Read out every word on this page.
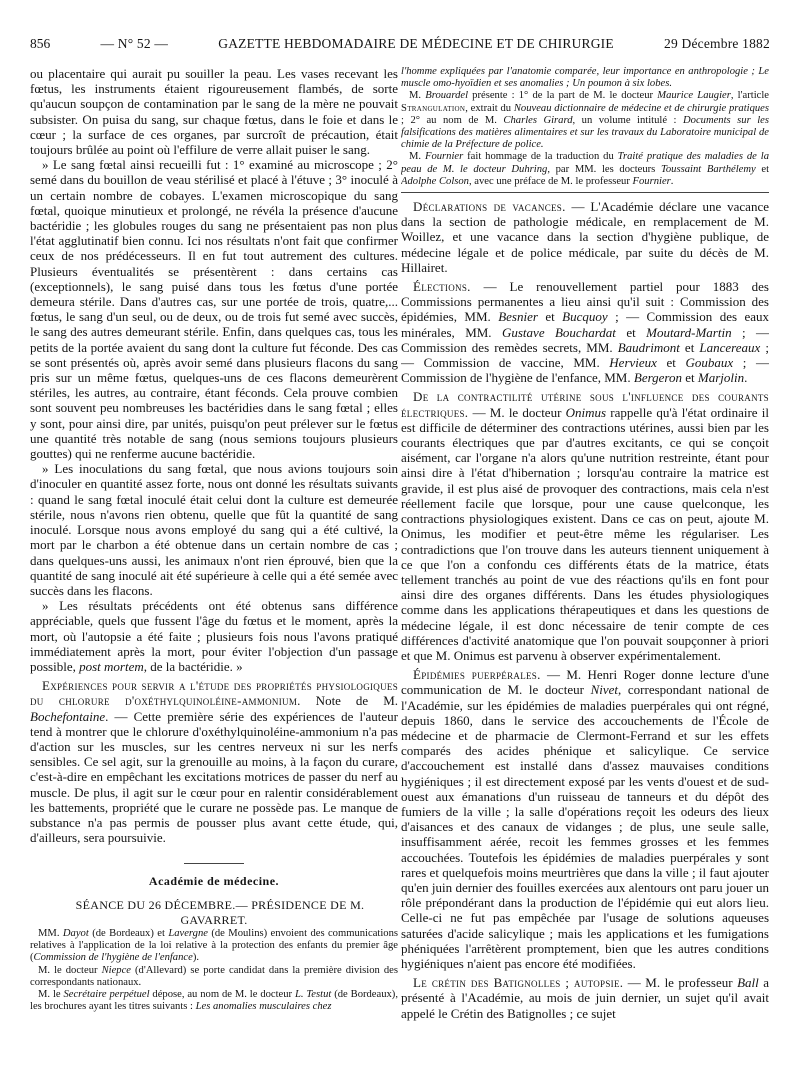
856	— N° 52 —	GAZETTE HEBDOMADAIRE DE MÉDECINE ET DE CHIRURGIE	29 Décembre 1882

ou placentaire qui aurait pu souiller la peau. Les vases recevant les fœtus, les instruments étaient rigoureusement flambés, de sorte qu'aucun soupçon de contamination par le sang de la mère ne pouvait subsister. On puisa du sang, sur chaque fœtus, dans le foie et dans le cœur ; la surface de ces organes, par surcroît de précaution, était toujours brûlée au point où l'effilure de verre allait puiser le sang.

» Le sang fœtal ainsi recueilli fut : 1° examiné au microscope ; 2° semé dans du bouillon de veau stérilisé et placé à l'étuve ; 3° inoculé à un certain nombre de cobayes. L'examen microscopique du sang fœtal, quoique minutieux et prolongé, ne révéla la présence d'aucune bactéridie ; les globules rouges du sang ne présentaient pas non plus l'état agglutinatif bien connu. Ici nos résultats n'ont fait que confirmer ceux de nos prédécesseurs. Il en fut tout autrement des cultures. Plusieurs éventualités se présentèrent : dans certains cas (exceptionnels), le sang puisé dans tous les fœtus d'une portée demeura stérile. Dans d'autres cas, sur une portée de trois, quatre,... fœtus, le sang d'un seul, ou de deux, ou de trois fut semé avec succès, le sang des autres demeurant stérile. Enfin, dans quelques cas, tous les petits de la portée avaient du sang dont la culture fut féconde. Des cas se sont présentés où, après avoir semé dans plusieurs flacons du sang pris sur un même fœtus, quelques-uns de ces flacons demeurèrent stériles, les autres, au contraire, étant féconds. Cela prouve combien sont souvent peu nombreuses les bactéridies dans le sang fœtal ; elles y sont, pour ainsi dire, par unités, puisqu'on peut prélever sur le fœtus une quantité très notable de sang (nous semions toujours plusieurs gouttes) qui ne renferme aucune bactéridie.

» Les inoculations du sang fœtal, que nous avions toujours soin d'inoculer en quantité assez forte, nous ont donné les résultats suivants : quand le sang fœtal inoculé était celui dont la culture est demeurée stérile, nous n'avons rien obtenu, quelle que fût la quantité de sang inoculé. Lorsque nous avons employé du sang qui a été cultivé, la mort par le charbon a été obtenue dans un certain nombre de cas ; dans quelques-uns aussi, les animaux n'ont rien éprouvé, bien que la quantité de sang inoculé ait été supérieure à celle qui a été semée avec succès dans les flacons.

» Les résultats précédents ont été obtenus sans différence appréciable, quels que fussent l'âge du fœtus et le moment, après la mort, où l'autopsie a été faite ; plusieurs fois nous l'avons pratiqué immédiatement après la mort, pour éviter l'objection d'un passage possible, post mortem, de la bactéridie. »

Expériences pour servir a l'étude des propriétés physiologiques du chlorure d'oxéthylquinoléine-ammonium. Note de M. Bochefontaine. — Cette première série des expériences de l'auteur tend à montrer que le chlorure d'oxéthylquinoléine-ammonium n'a pas d'action sur les muscles, sur les centres nerveux ni sur les nerfs sensibles. Ce sel agit, sur la grenouille au moins, à la façon du curare, c'est-à-dire en empêchant les excitations motrices de passer du nerf au muscle. De plus, il agit sur le cœur pour en ralentir considérablement les battements, propriété que le curare ne possède pas. Le manque de substance n'a pas permis de pousser plus avant cette étude, qui, d'ailleurs, sera poursuivie.

Académie de médecine.

SÉANCE DU 26 DÉCEMBRE.— PRÉSIDENCE DE M. GAVARRET.

MM. Dayot (de Bordeaux) et Lavergne (de Moulins) envoient des communications relatives à l'application de la loi relative à la protection des enfants du premier âge (Commission de l'hygiène de l'enfance).

M. le docteur Niepce (d'Allevard) se porte candidat dans la première division des correspondants nationaux.

M. le Secrétaire perpétuel dépose, au nom de M. le docteur L. Testut (de Bordeaux), les brochures ayant les titres suivants : Les anomalies musculaires chez

l'homme expliquées par l'anatomie comparée, leur importance en anthropologie ; Le muscle omo-hyoïdien et ses anomalies ; Un poumon à six lobes.

M. Brouardel présente : 1° de la part de M. le docteur Maurice Laugier, l'article Strangulation, extrait du Nouveau dictionnaire de médecine et de chirurgie pratiques ; 2° au nom de M. Charles Girard, un volume intitulé : Documents sur les falsifications des matières alimentaires et sur les travaux du Laboratoire municipal de chimie de la Préfecture de police.

M. Fournier fait hommage de la traduction du Traité pratique des maladies de la peau de M. le docteur Duhring, par MM. les docteurs Toussaint Barthélemy et Adolphe Colson, avec une préface de M. le professeur Fournier.

Déclarations de vacances. — L'Académie déclare une vacance dans la section de pathologie médicale, en remplacement de M. Woillez, et une vacance dans la section d'hygiène publique, de médecine légale et de police médicale, par suite du décès de M. Hillairet.

Élections. — Le renouvellement partiel pour 1883 des Commissions permanentes a lieu ainsi qu'il suit : Commission des épidémies, MM. Besnier et Bucquoy ; — Commission des eaux minérales, MM. Gustave Bouchardat et Moutard-Martin ; — Commission des remèdes secrets, MM. Baudrimont et Lancereaux ; — Commission de vaccine, MM. Hervieux et Goubaux ; — Commission de l'hygiène de l'enfance, MM. Bergeron et Marjolin.

De la contractilité utérine sous l'influence des courants électriques. — M. le docteur Onimus rappelle qu'à l'état ordinaire il est difficile de déterminer des contractions utérines, aussi bien par les courants électriques que par d'autres excitants, ce qui se conçoit aisément, car l'organe n'a alors qu'une nutrition restreinte, étant pour ainsi dire à l'état d'hibernation ; lorsqu'au contraire la matrice est gravide, il est plus aisé de provoquer des contractions, mais cela n'est réellement facile que lorsque, pour une cause quelconque, les contractions physiologiques existent. Dans ce cas on peut, ajoute M. Onimus, les modifier et peut-être même les régulariser. Les contradictions que l'on trouve dans les auteurs tiennent uniquement à ce que l'on a confondu ces différents états de la matrice, états tellement tranchés au point de vue des réactions qu'ils en font pour ainsi dire des organes différents. Dans les études physiologiques comme dans les applications thérapeutiques et dans les questions de médecine légale, il est donc nécessaire de tenir compte de ces différences d'activité anatomique que l'on pouvait soupçonner à priori et que M. Onimus est parvenu à observer expérimentalement.

Épidémies puerpérales. — M. Henri Roger donne lecture d'une communication de M. le docteur Nivet, correspondant national de l'Académie, sur les épidémies de maladies puerpérales qui ont régné, depuis 1860, dans le service des accouchements de l'École de médecine et de pharmacie de Clermont-Ferrand et sur les effets comparés des acides phénique et salicylique. Ce service d'accouchement est installé dans d'assez mauvaises conditions hygiéniques ; il est directement exposé par les vents d'ouest et de sud-ouest aux émanations d'un ruisseau de tanneurs et du dépôt des fumiers de la ville ; la salle d'opérations reçoit les odeurs des lieux d'aisances et des canaux de vidanges ; de plus, une seule salle, insuffisamment aérée, recoit les femmes grosses et les femmes accouchées. Toutefois les épidémies de maladies puerpérales y sont rares et quelquefois moins meurtrières que dans la ville ; il faut ajouter qu'en juin dernier des fouilles exercées aux alentours ont paru jouer un rôle prépondérant dans la production de l'épidémie qui eut alors lieu. Celle-ci ne fut pas empêchée par l'usage de solutions aqueuses saturées d'acide salicylique ; mais les applications et les fumigations phéniquées l'arrêtèrent promptement, bien que les autres conditions hygiéniques n'aient pas encore été modifiées.

Le crétin des Batignolles ; autopsie. — M. le professeur Ball a présenté à l'Académie, au mois de juin dernier, un sujet qu'il avait appelé le Crétin des Batignolles ; ce sujet
